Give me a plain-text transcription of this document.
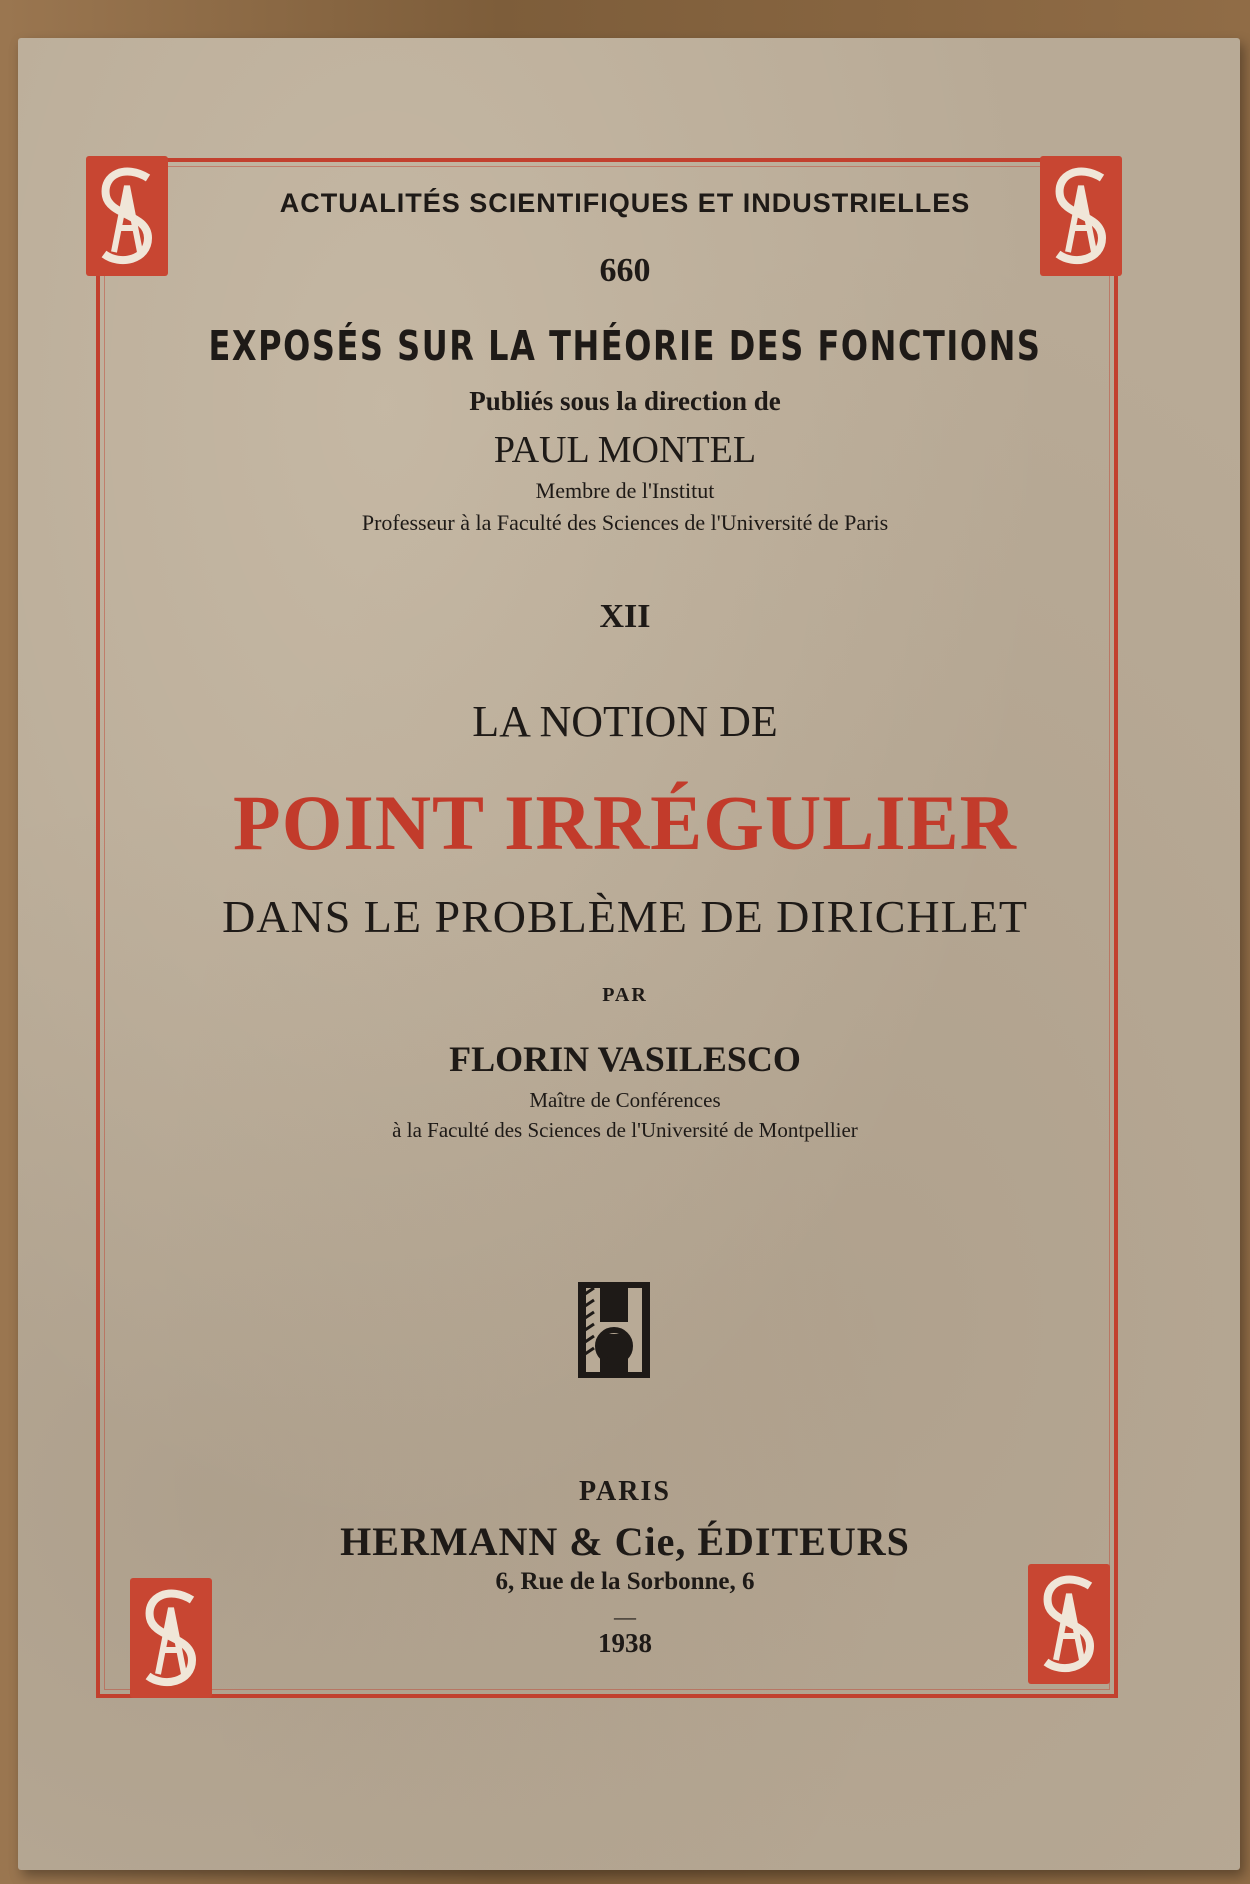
ACTUALITÉS SCIENTIFIQUES ET INDUSTRIELLES
660
EXPOSÉS SUR LA THÉORIE DES FONCTIONS
Publiés sous la direction de
PAUL MONTEL
Membre de l'Institut
Professeur à la Faculté des Sciences de l'Université de Paris
XII
LA NOTION DE
POINT IRRÉGULIER
DANS LE PROBLÈME DE DIRICHLET
PAR
FLORIN VASILESCO
Maître de Conférences
à la Faculté des Sciences de l'Université de Montpellier
PARIS
HERMANN & Cie, ÉDITEURS
6, Rue de la Sorbonne, 6
—
1938
